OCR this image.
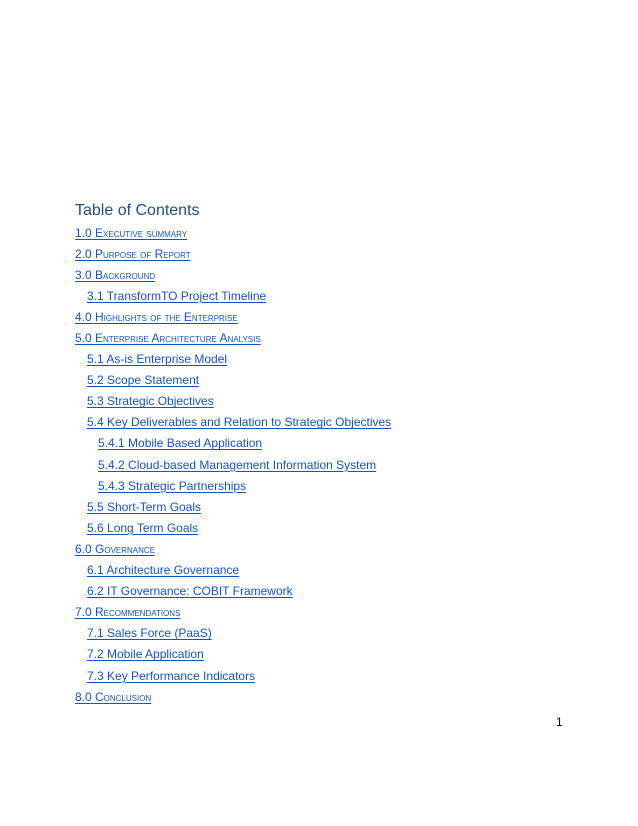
Table of Contents
1.0 Executive summary
2.0 Purpose of Report
3.0 Background
3.1 TransformTO Project Timeline
4.0 Highlights of the Enterprise
5.0 Enterprise Architecture Analysis
5.1 As-is Enterprise Model
5.2 Scope Statement
5.3 Strategic Objectives
5.4 Key Deliverables and Relation to Strategic Objectives
5.4.1 Mobile Based Application
5.4.2 Cloud-based Management Information System
5.4.3 Strategic Partnerships
5.5 Short-Term Goals
5.6 Long Term Goals
6.0 Governance
6.1 Architecture Governance
6.2 IT Governance: COBIT Framework
7.0 Recommendations
7.1 Sales Force (PaaS)
7.2 Mobile Application
7.3 Key Performance Indicators
8.0 Conclusion
1
